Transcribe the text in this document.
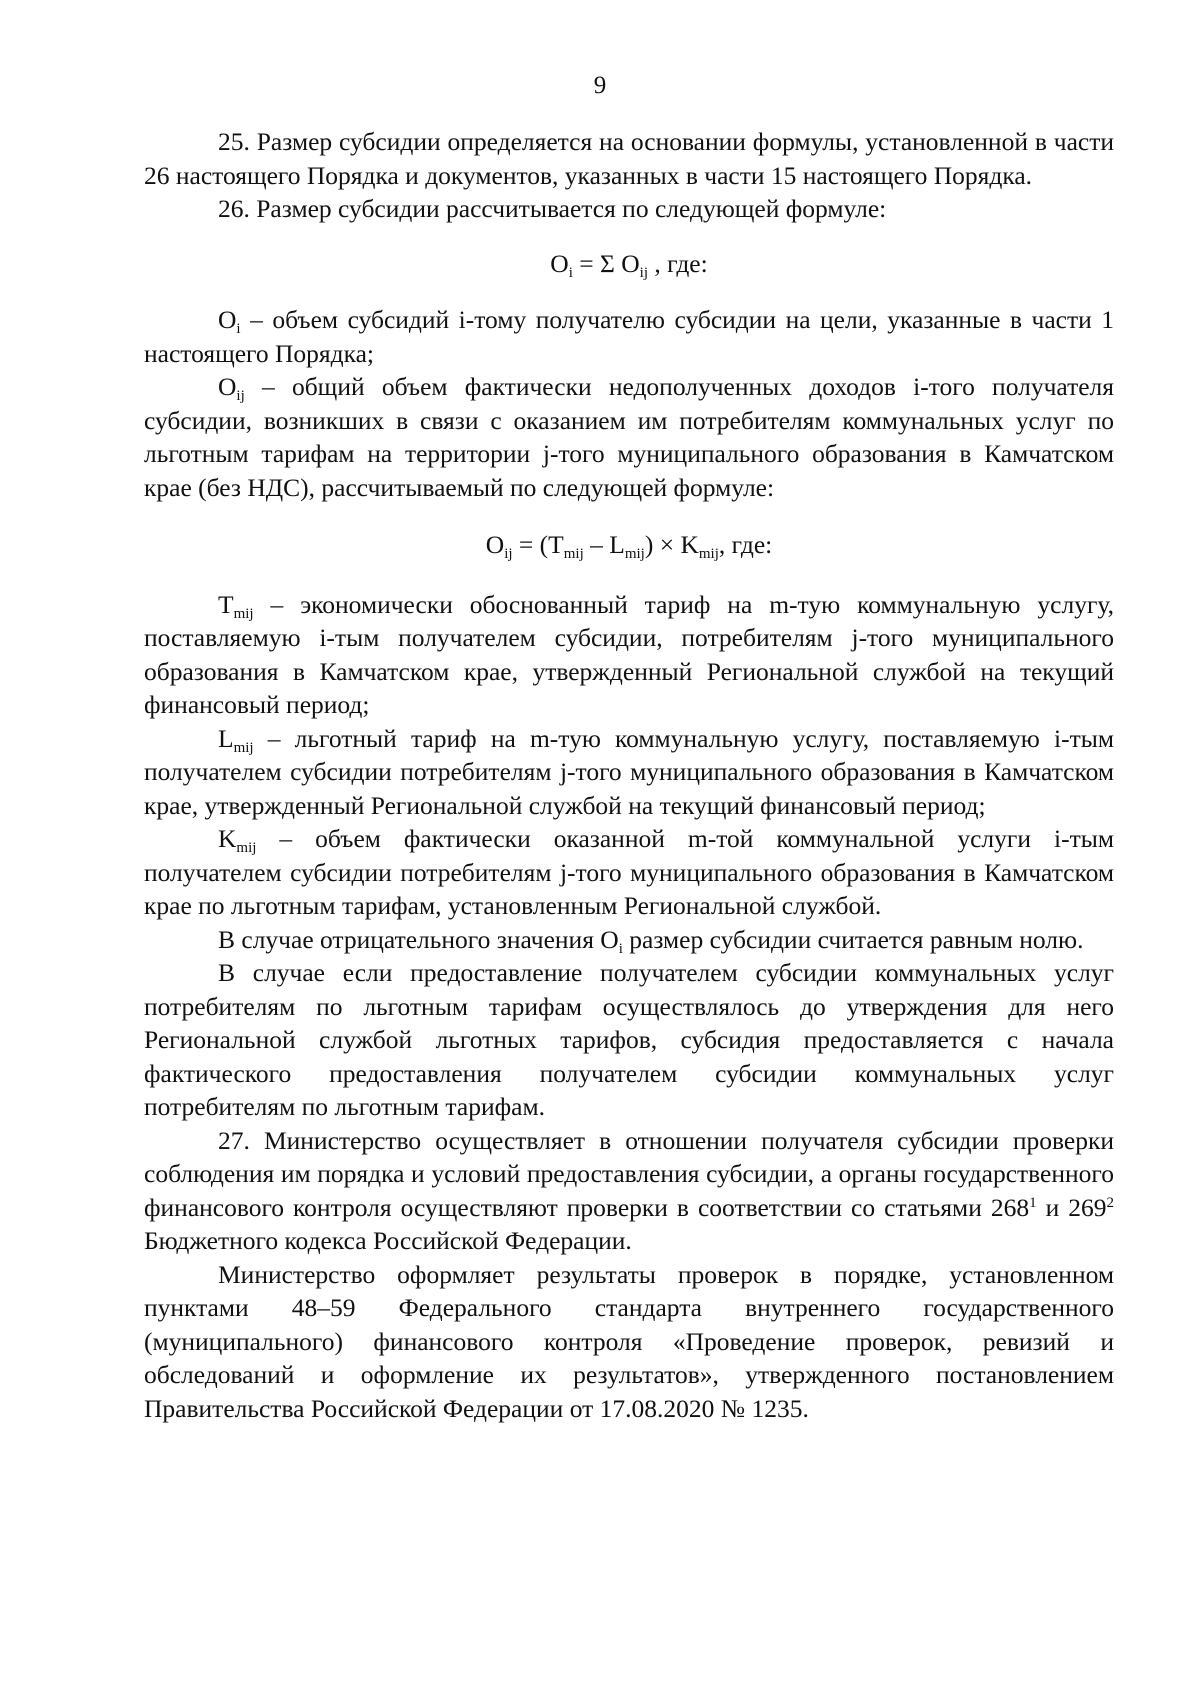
9

25. Размер субсидии определяется на основании формулы, установленной в части 26 настоящего Порядка и документов, указанных в части 15 настоящего Порядка.

26. Размер субсидии рассчитывается по следующей формуле:

$O_i = \Sigma$ $O_{ij}$ , где:

$O_i$ – объем субсидий i-тому получателю субсидии на цели, указанные в части 1 настоящего Порядка;

$O_{ij}$ – общий объем фактически недополученных доходов i-того получателя субсидии, возникших в связи с оказанием им потребителям коммунальных услуг по льготным тарифам на территории j-того муниципального образования в Камчатском крае (без НДС), рассчитываемый по следующей формуле:

$O_{ij} = (T_{mij} - L_{mij}) \times K_{mij}$, где:

$T_{mij}$ – экономически обоснованный тариф на m-тую коммунальную услугу, поставляемую i-тым получателем субсидии, потребителям j-того муниципального образования в Камчатском крае, утвержденный Региональной службой на текущий финансовый период;

$L_{mij}$ – льготный тариф на m-тую коммунальную услугу, поставляемую i-тым получателем субсидии потребителям j-того муниципального образования в Камчатском крае, утвержденный Региональной службой на текущий финансовый период;

$K_{mij}$ – объем фактически оказанной m-той коммунальной услуги i-тым получателем субсидии потребителям j-того муниципального образования в Камчатском крае по льготным тарифам, установленным Региональной службой.

В случае отрицательного значения $O_i$ размер субсидии считается равным нолю.

В случае если предоставление получателем субсидии коммунальных услуг потребителям по льготным тарифам осуществлялось до утверждения для него Региональной службой льготных тарифов, субсидия предоставляется с начала фактического предоставления получателем субсидии коммунальных услуг потребителям по льготным тарифам.

27. Министерство осуществляет в отношении получателя субсидии проверки соблюдения им порядка и условий предоставления субсидии, а органы государственного финансового контроля осуществляют проверки в соответствии со статьями $268^1$ и $269^2$ Бюджетного кодекса Российской Федерации.

Министерство оформляет результаты проверок в порядке, установленном пунктами 48–59 Федерального стандарта внутреннего государственного (муниципального) финансового контроля «Проведение проверок, ревизий и обследований и оформление их результатов», утвержденного постановлением Правительства Российской Федерации от 17.08.2020 № 1235.
